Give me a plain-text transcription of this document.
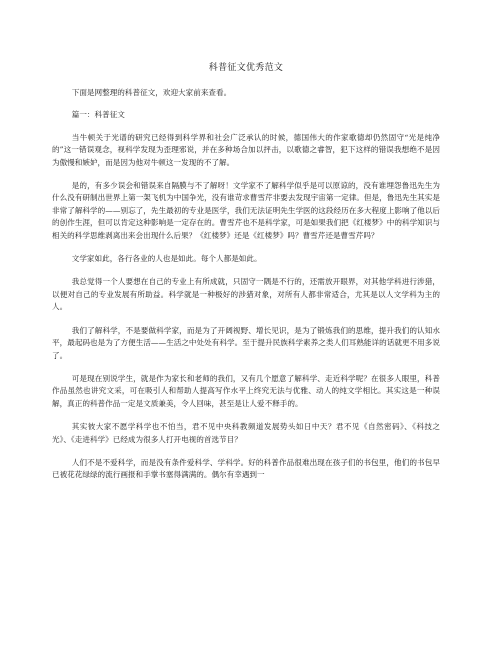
科普征文优秀范文

下面是网整理的科普征文，欢迎大家前来查看。

篇一：科普征文

当牛顿关于光谱的研究已经得到科学界和社会广泛承认的时候，德国伟大的作家歌德却仍然固守“光是纯净的”这一错误观念，视科学发现为歪理邪说，并在多种场合加以抨击，以歌德之睿智，犯下这样的错误我想绝不是因为傲慢和嫉妒，而是因为他对牛顿这一发现的不了解。

是的，有多少误会和错误来自隔膜与不了解呀！文学家不了解科学似乎是可以原谅的，没有谁埋怨鲁迅先生为什么没有研制出世界上第一架飞机为中国争光，没有谁苛求曹雪芹非要去发现宇宙第一定律。但是，鲁迅先生其实是非常了解科学的——别忘了，先生最初的专业是医学，我们无法证明先生学医的这段经历在多大程度上影响了他以后的创作生涯，但可以肯定这种影响是一定存在的。曹雪芹也不是科学家，可是如果我们把《红楼梦》中的科学知识与相关的科学思维剥离出来会出现什么后果？《红楼梦》还是《红楼梦》吗？曹雪芹还是曹雪芹吗？

文学家如此，各行各业的人也是如此。每个人都是如此。

我总觉得一个人要想在自己的专业上有所成就，只固守一隅是不行的，还需放开眼界，对其他学科进行涉猎，以便对自己的专业发展有所助益。科学就是一种极好的涉猎对象，对所有人都非常适合，尤其是以人文学科为主的人。

我们了解科学，不是要做科学家，而是为了开阔视野、增长见识，是为了锻炼我们的思维，提升我们的认知水平，最起码也是为了方便生活——生活之中处处有科学。至于提升民族科学素养之类人们耳熟能详的话就更不用多说了。

可是现在别说学生，就是作为家长和老师的我们，又有几个愿意了解科学、走近科学呢？在很多人眼里，科普作品虽然也讲究文采，可在吸引人和帮助人提高写作水平上终究无法与优雅、动人的纯文学相比。其实这是一种误解，真正的科普作品一定是文质兼美，令人回味，甚至是让人爱不释手的。

其实彼大家不愿学科学也不怕当，君不见中央科教频道发展势头如日中天？君不见《自然密码》、《科技之光》、《走进科学》已经成为很多人打开电视的首选节目？

人们不是不爱科学，而是没有条件爱科学、学科学。好的科普作品很难出现在孩子们的书包里，他们的书包早已被花花绿绿的流行画报和手掌书塞得满满的。偶尔有幸遇到一
